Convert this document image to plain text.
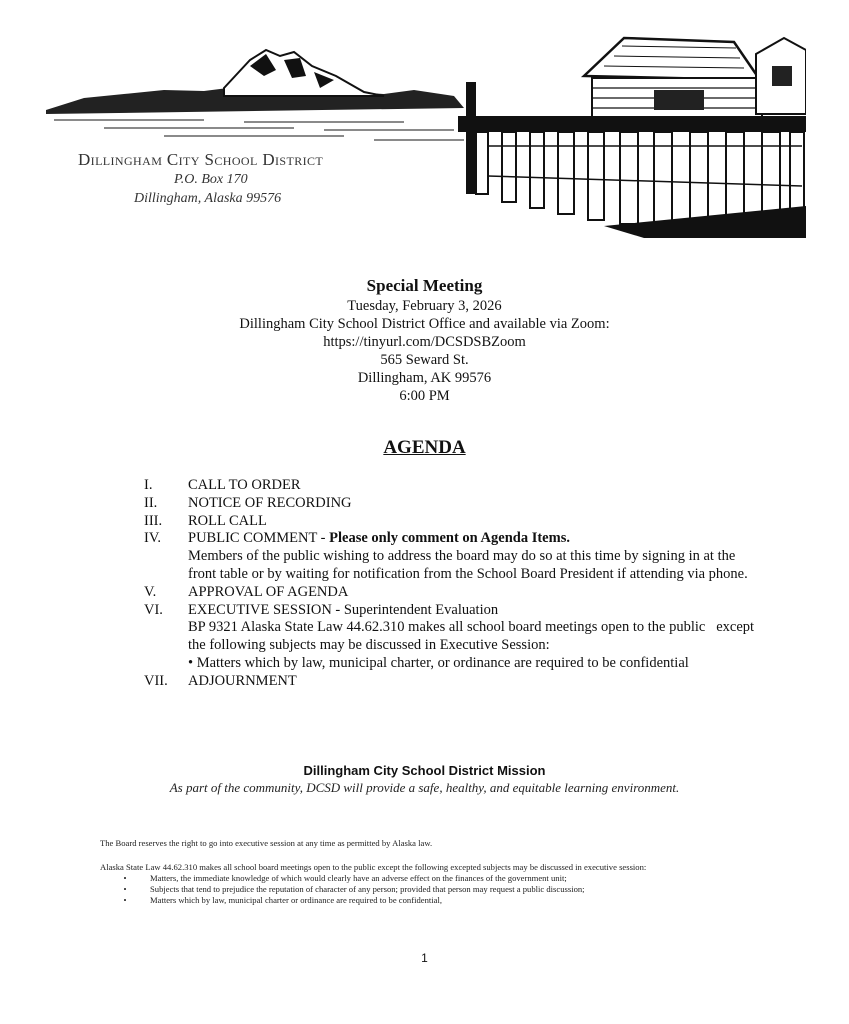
Dillingham City School District
P.O. Box 170
Dillingham, Alaska 99576
Special Meeting
Tuesday, February 3, 2026
Dillingham City School District Office and available via Zoom:
https://tinyurl.com/DCSDSBZoom
565 Seward St.
Dillingham, AK 99576
6:00 PM
AGENDA
I.	CALL TO ORDER
II.	NOTICE OF RECORDING
III.	ROLL CALL
IV.	PUBLIC COMMENT - Please only comment on Agenda Items.
Members of the public wishing to address the board may do so at this time by signing in at the front table or by waiting for notification from the School Board President if attending via phone.
V.	APPROVAL OF AGENDA
VI.	EXECUTIVE SESSION - Superintendent Evaluation
BP 9321 Alaska State Law 44.62.310 makes all school board meetings open to the public   except the following subjects may be discussed in Executive Session:
• Matters which by law, municipal charter, or ordinance are required to be confidential
VII.	ADJOURNMENT
Dillingham City School District Mission
As part of the community, DCSD will provide a safe, healthy, and equitable learning environment.

The Board reserves the right to go into executive session at any time as permitted by Alaska law.

Alaska State Law 44.62.310 makes all school board meetings open to the public except the following excepted subjects may be discussed in executive session:

•	Matters, the immediate knowledge of which would clearly have an adverse effect on the finances of the government unit;
•	Subjects that tend to prejudice the reputation of character of any person; provided that person may request a public discussion;
•	Matters which by law, municipal charter or ordinance are required to be confidential,
1
